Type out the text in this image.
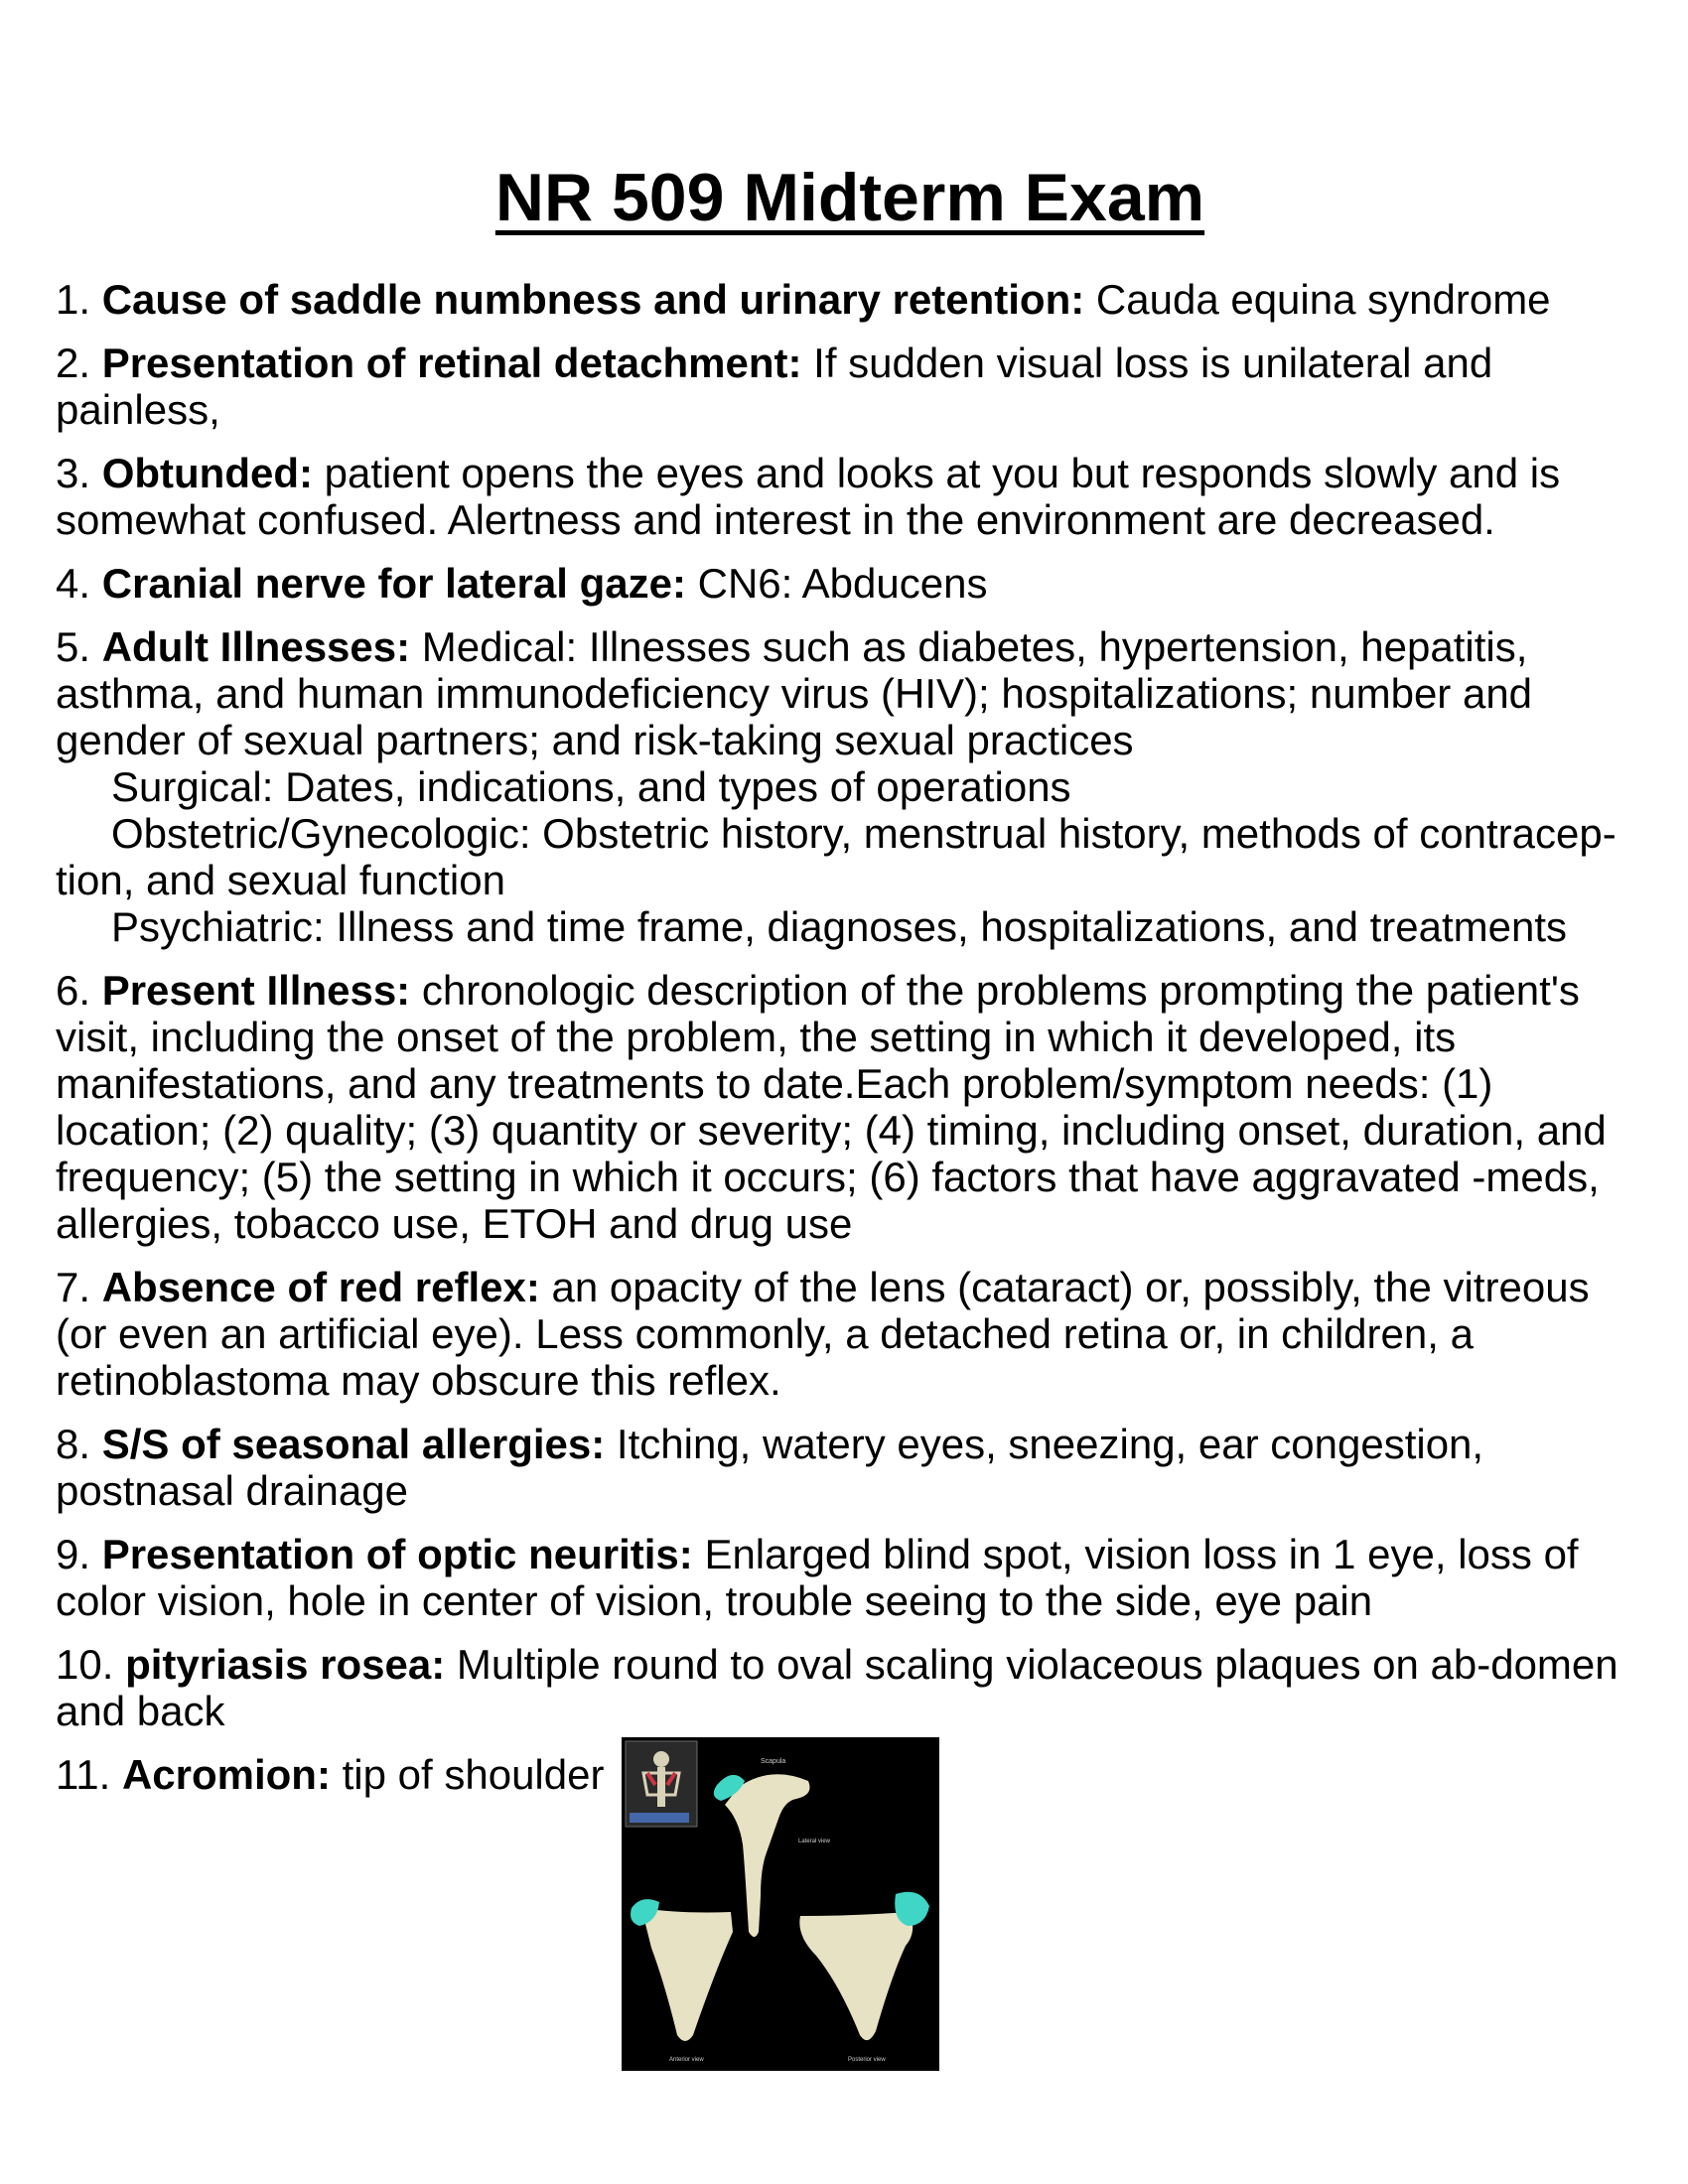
NR 509 Midterm Exam

1. Cause of saddle numbness and urinary retention: Cauda equina syndrome

2. Presentation of retinal detachment: If sudden visual loss is unilateral and painless,

3. Obtunded: patient opens the eyes and looks at you but responds slowly and is somewhat confused. Alertness and interest in the environment are decreased.

4. Cranial nerve for lateral gaze: CN6: Abducens

5. Adult Illnesses: Medical: Illnesses such as diabetes, hypertension, hepatitis, asthma, and human immunodeficiency virus (HIV); hospitalizations; number and gender of sexual partners; and risk-taking sexual practices
Surgical: Dates, indications, and types of operations
Obstetric/Gynecologic: Obstetric history, menstrual history, methods of contracep-tion, and sexual function
Psychiatric: Illness and time frame, diagnoses, hospitalizations, and treatments

6. Present Illness: chronologic description of the problems prompting the patient's visit, including the onset of the problem, the setting in which it developed, its manifestations, and any treatments to date.Each problem/symptom needs: (1) location; (2) quality; (3) quantity or severity; (4) timing, including onset, duration, and frequency; (5) the setting in which it occurs; (6) factors that have aggravated -meds, allergies, tobacco use, ETOH and drug use

7. Absence of red reflex: an opacity of the lens (cataract) or, possibly, the vitreous (or even an artificial eye). Less commonly, a detached retina or, in children, a retinoblastoma may obscure this reflex.

8. S/S of seasonal allergies: Itching, watery eyes, sneezing, ear congestion, postnasal drainage

9. Presentation of optic neuritis: Enlarged blind spot, vision loss in 1 eye, loss of color vision, hole in center of vision, trouble seeing to the side, eye pain

10. pityriasis rosea: Multiple round to oval scaling violaceous plaques on ab-domen and back

11. Acromion: tip of shoulder	Scapula
Lateral view
Anterior view	Posterior view
